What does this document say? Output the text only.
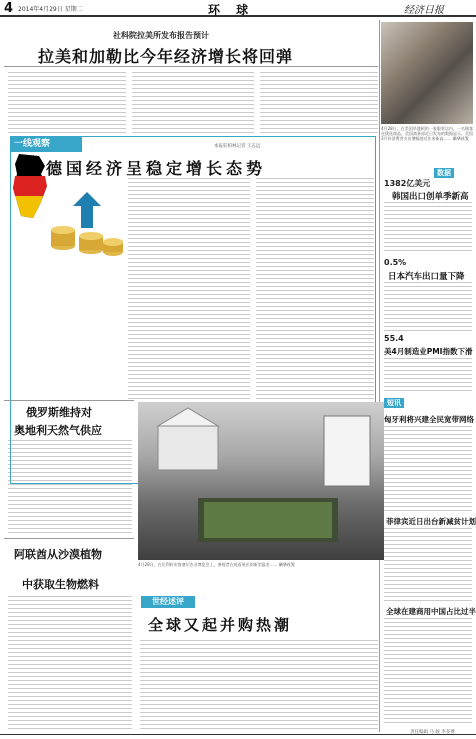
4 2014年4月29日 星期二	环 球	经济日报
社科院拉美所发布报告预计
拉美和加勒比今年经济增长将回弹
4月28日，在美国华盛顿的一家服装店内，一名顾客在挑选商品。美国商务部近日发布的数据显示，美国3月份消费者支出增幅创近年来新高…… 新华社发
一线观察	本报驻柏林记者 王志远
德国经济呈稳定增长态势	数据
1382亿美元
韩国出口创单季新高
0.5%
日本汽车出口量下降
55.4
美4月制造业PMI指数下滑
俄罗斯维持对
奥地利天然气供应
4月28日，在比利时布鲁塞尔农业博览会上，参观者在观看展出的新型温室…… 新华社发
短讯
匈牙利将兴建全民宽带网络
菲律宾近日出台新减贫计划
全球在建商用中国占比过半
阿联酋从沙漠植物
中获取生物燃料
世经述评
全球又起并购热潮
责任编辑 马 骏 李多博
